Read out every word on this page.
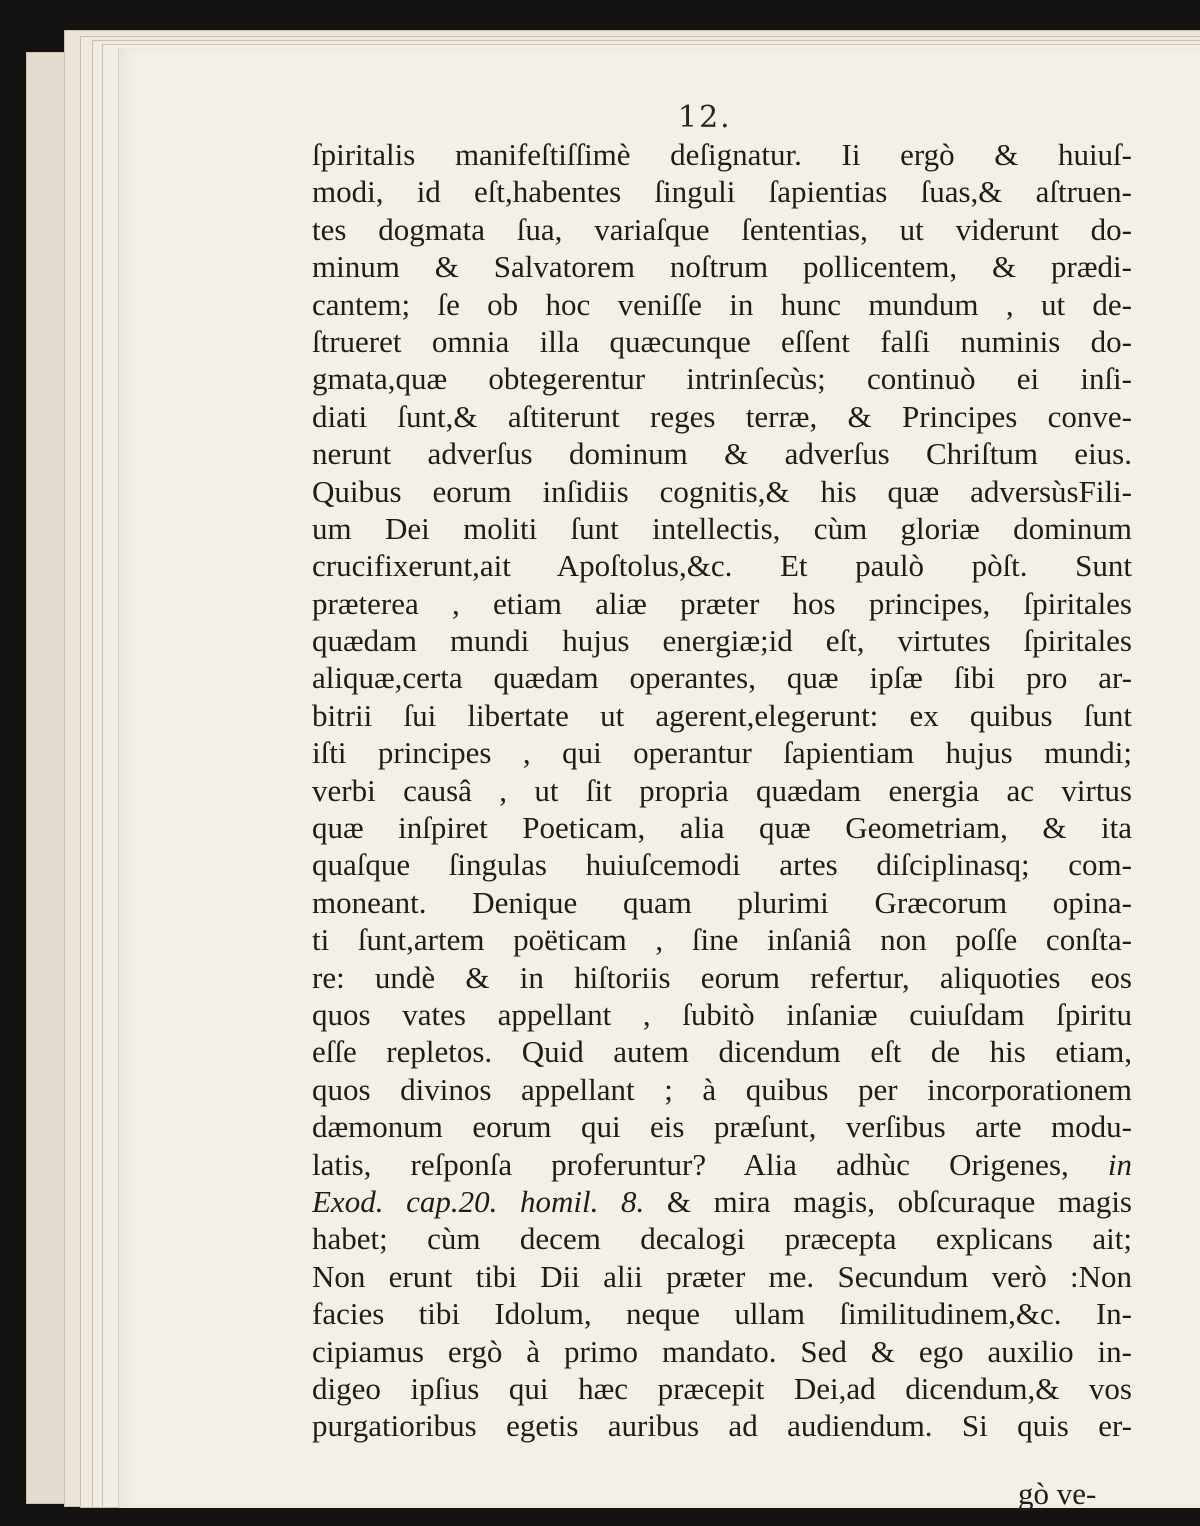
12.
ſpiritalis manifeſtiſſimè deſignatur. Ii ergò & huiuſ-
modi, id eſt,habentes ſinguli ſapientias ſuas,& aſtruen-
tes dogmata ſua, variaſque ſententias, ut viderunt do-
minum & Salvatorem noſtrum pollicentem, & prædi-
cantem; ſe ob hoc veniſſe in hunc mundum , ut de-
ſtrueret omnia illa quæcunque eſſent falſi numinis do-
gmata,quæ obtegerentur intrinſecùs; continuò ei inſi-
diati ſunt,& aſtiterunt reges terræ, & Principes conve-
nerunt adverſus dominum & adverſus Chriſtum eius.
Quibus eorum inſidiis cognitis,& his quæ adversùsFili-
um Dei moliti ſunt intellectis, cùm gloriæ dominum
crucifixerunt,ait Apoſtolus,&c. Et paulò pòſt. Sunt
præterea , etiam aliæ præter hos principes, ſpiritales
quædam mundi hujus energiæ;id eſt, virtutes ſpiritales
aliquæ,certa quædam operantes, quæ ipſæ ſibi pro ar-
bitrii ſui libertate ut agerent,elegerunt: ex quibus ſunt
iſti principes , qui operantur ſapientiam hujus mundi;
verbi causâ , ut ſit propria quædam energia ac virtus
quæ inſpiret Poeticam, alia quæ Geometriam, & ita
quaſque ſingulas huiuſcemodi artes diſciplinasq; com-
moneant. Denique quam plurimi Græcorum opina-
ti ſunt,artem poëticam , ſine inſaniâ non poſſe conſta-
re: undè & in hiſtoriis eorum refertur, aliquoties eos
quos vates appellant , ſubitò inſaniæ cuiuſdam ſpiritu
eſſe repletos. Quid autem dicendum eſt de his etiam,
quos divinos appellant ; à quibus per incorporationem
dæmonum eorum qui eis præſunt, verſibus arte modu-
latis, reſponſa proferuntur? Alia adhùc Origenes, in
Exod. cap.20. homil. 8. & mira magis, obſcuraque magis
habet; cùm decem decalogi præcepta explicans ait;
Non erunt tibi Dii alii præter me. Secundum verò :Non
facies tibi Idolum, neque ullam ſimilitudinem,&c. In-
cipiamus ergò à primo mandato. Sed & ego auxilio in-
digeo ipſius qui hæc præcepit Dei,ad dicendum,& vos
purgatioribus egetis auribus ad audiendum. Si quis er-
gò ve-
